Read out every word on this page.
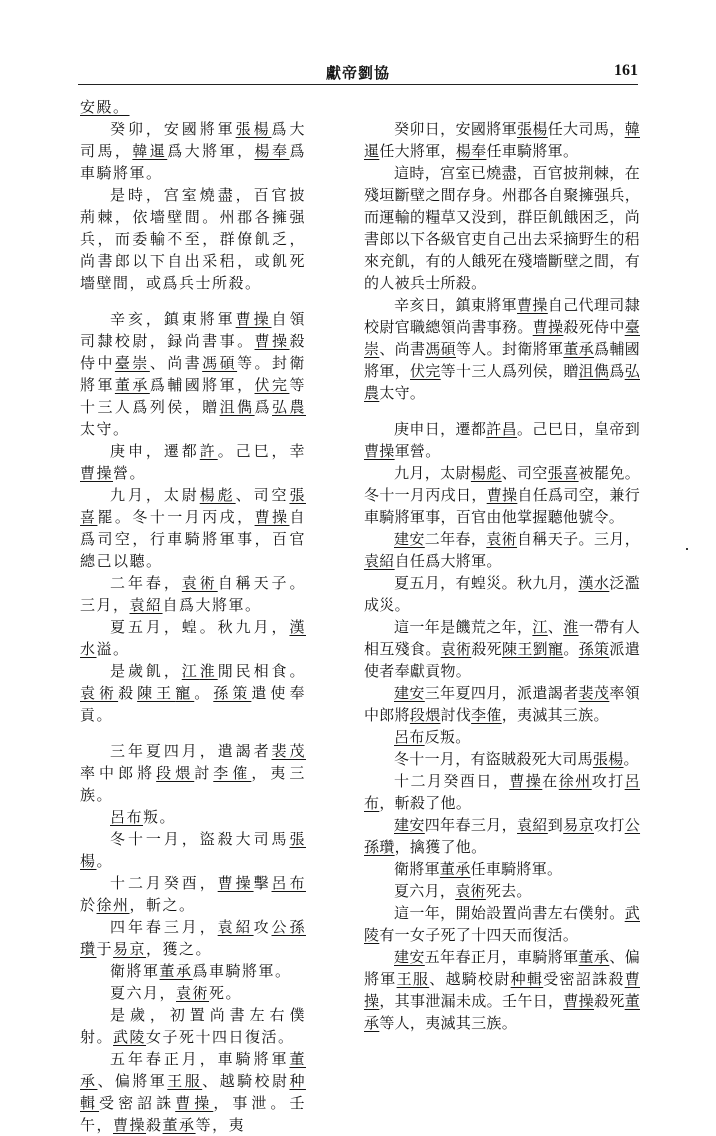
獻帝劉協	161

安殿。

癸卯，安國將軍張楊爲大司馬，韓暹爲大將軍，楊奉爲車騎將軍。

是時，宫室燒盡，百官披荊棘，依墻壁間。州郡各擁强兵，而委輸不至，群僚飢乏，尚書郎以下自出采稆，或飢死墻壁間，或爲兵士所殺。

辛亥，鎮東將軍曹操自領司隸校尉，録尚書事。曹操殺侍中臺崇、尚書馮碩等。封衛將軍董承爲輔國將軍，伏完等十三人爲列侯，贈沮儁爲弘農太守。

庚申，遷都許。己巳，幸曹操營。

九月，太尉楊彪、司空張喜罷。冬十一月丙戌，曹操自爲司空，行車騎將軍事，百官總己以聽。

二年春，袁術自稱天子。三月，袁紹自爲大將軍。

夏五月，蝗。秋九月，漢水溢。

是歲飢，江淮閒民相食。袁術殺陳王寵。孫策遣使奉貢。

三年夏四月，遣謁者裴茂率中郎將段煨討李傕，夷三族。

呂布叛。

冬十一月，盜殺大司馬張楊。

十二月癸酉，曹操擊呂布於徐州，斬之。

四年春三月，袁紹攻公孫瓚于易京，獲之。

衛將軍董承爲車騎將軍。

夏六月，袁術死。

是歲，初置尚書左右僕射。武陵女子死十四日復活。

五年春正月，車騎將軍董承、偏將軍王服、越騎校尉种輯受密詔誅曹操，事泄。壬午，曹操殺董承等，夷

癸卯日，安國將軍張楊任大司馬，韓暹任大將軍，楊奉任車騎將軍。

這時，宫室已燒盡，百官披荆棘，在殘垣斷壁之間存身。州郡各自聚擁强兵，而運輸的糧草又没到，群臣飢餓困乏，尚書郎以下各級官吏自己出去采摘野生的稆來充飢，有的人餓死在殘墻斷壁之間，有的人被兵士所殺。

辛亥日，鎮東將軍曹操自己代理司隸校尉官職總領尚書事務。曹操殺死侍中臺崇、尚書馮碩等人。封衛將軍董承爲輔國將軍，伏完等十三人爲列侯，贈沮儁爲弘農太守。

庚申日，遷都許昌。己巳日，皇帝到曹操軍營。

九月，太尉楊彪、司空張喜被罷免。冬十一月丙戌日，曹操自任爲司空，兼行車騎將軍事，百官由他掌握聽他號令。

建安二年春，袁術自稱天子。三月，袁紹自任爲大將軍。

夏五月，有蝗災。秋九月，漢水泛濫成災。

這一年是饑荒之年，江、淮一帶有人相互殘食。袁術殺死陳王劉寵。孫策派遣使者奉獻貢物。

建安三年夏四月，派遣謁者裴茂率領中郎將段煨討伐李傕，夷滅其三族。

呂布反叛。

冬十一月，有盜賊殺死大司馬張楊。

十二月癸酉日，曹操在徐州攻打呂布，斬殺了他。

建安四年春三月，袁紹到易京攻打公孫瓚，擒獲了他。

衛將軍董承任車騎將軍。

夏六月，袁術死去。

這一年，開始設置尚書左右僕射。武陵有一女子死了十四天而復活。

建安五年春正月，車騎將軍董承、偏將軍王服、越騎校尉种輯受密詔誅殺曹操，其事泄漏未成。壬午日，曹操殺死董承等人，夷滅其三族。
